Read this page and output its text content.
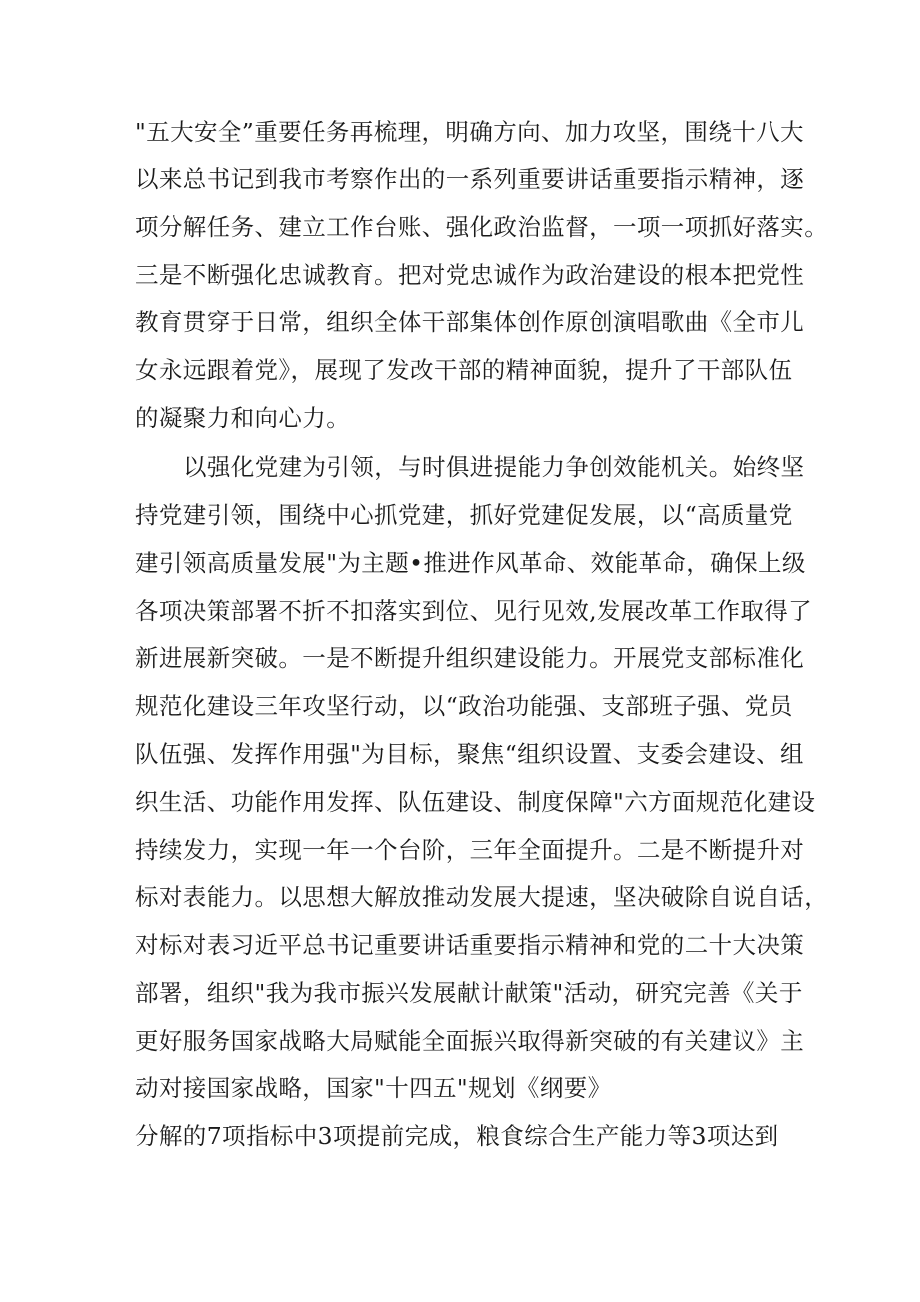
"五大安全”重要任务再梳理，明确方向、加力攻坚，围绕十八大
以来总书记到我市考察作出的一系列重要讲话重要指示精神，逐
项分解任务、建立工作台账、强化政治监督，一项一项抓好落实。
三是不断强化忠诚教育。把对党忠诚作为政治建设的根本把党性
教育贯穿于日常，组织全体干部集体创作原创演唱歌曲《全市儿
女永远跟着党》，展现了发改干部的精神面貌，提升了干部队伍
的凝聚力和向心力。
以强化党建为引领，与时俱进提能力争创效能机关。始终坚
持党建引领，围绕中心抓党建，抓好党建促发展，以“高质量党
建引领高质量发展"为主题•推进作风革命、效能革命，确保上级
各项决策部署不折不扣落实到位、见行见效,发展改革工作取得了
新进展新突破。一是不断提升组织建设能力。开展党支部标准化
规范化建设三年攻坚行动，以“政治功能强、支部班子强、党员
队伍强、发挥作用强"为目标，聚焦“组织设置、支委会建设、组
织生活、功能作用发挥、队伍建设、制度保障"六方面规范化建设
持续发力，实现一年一个台阶，三年全面提升。二是不断提升对
标对表能力。以思想大解放推动发展大提速，坚决破除自说自话，
对标对表习近平总书记重要讲话重要指示精神和党的二十大决策
部署，组织"我为我市振兴发展献计献策"活动，研究完善《关于
更好服务国家战略大局赋能全面振兴取得新突破的有关建议》主
动对接国家战略，国家"十四五"规划《纲要》
分解的7项指标中3项提前完成，粮食综合生产能力等3项达到
